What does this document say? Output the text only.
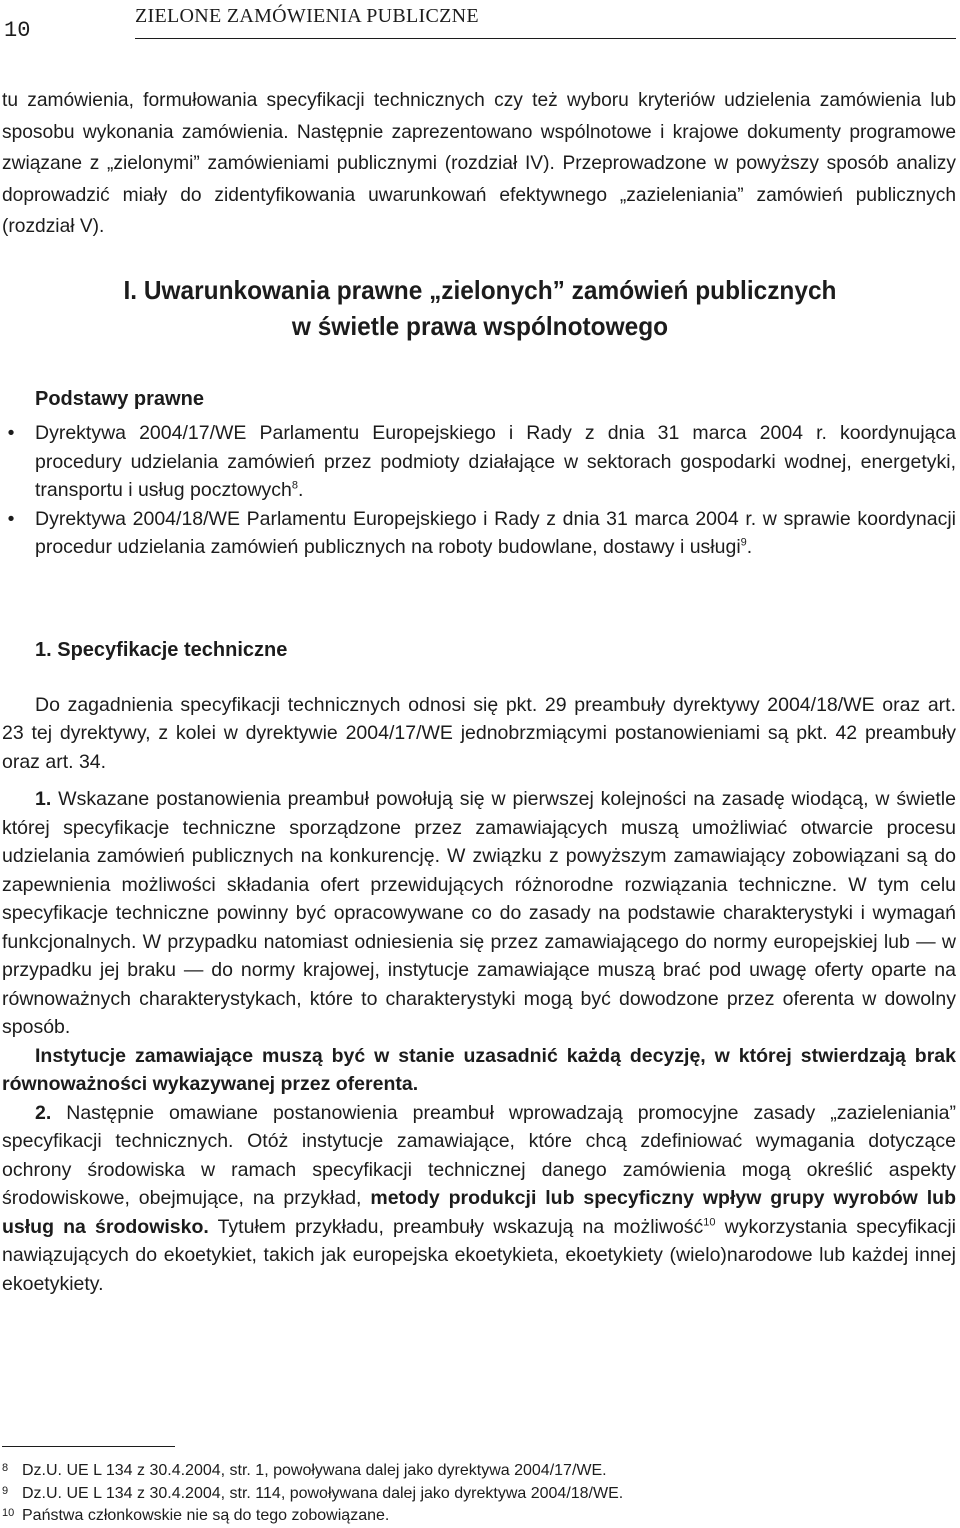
10
ZIELONE ZAMÓWIENIA PUBLICZNE

tu zamówienia, formułowania specyfikacji technicznych czy też wyboru kryteriów udzielenia zamówienia lub sposobu wykonania zamówienia. Następnie zaprezentowano wspólnotowe i krajowe dokumenty programowe związane z „zielonymi” zamówieniami publicznymi (rozdział IV). Przeprowadzone w powyższy sposób analizy doprowadzić miały do zidentyfikowania uwarunkowań efektywnego „zazieleniania” zamówień publicznych (rozdział V).

I. Uwarunkowania prawne „zielonych” zamówień publicznych
w świetle prawa wspólnotowego
Podstawy prawne
• Dyrektywa 2004/17/WE Parlamentu Europejskiego i Rady z dnia 31 marca 2004 r. koordynująca procedury udzielania zamówień przez podmioty działające w sektorach gospodarki wodnej, energetyki, transportu i usług pocztowych$^8$.
• Dyrektywa 2004/18/WE Parlamentu Europejskiego i Rady z dnia 31 marca 2004 r. w sprawie koordynacji procedur udzielania zamówień publicznych na roboty budowlane, dostawy i usługi$^9$.
1. Specyfikacje techniczne

Do zagadnienia specyfikacji technicznych odnosi się pkt. 29 preambuły dyrektywy 2004/18/WE oraz art. 23 tej dyrektywy, z kolei w dyrektywie 2004/17/WE jednobrzmiącymi postanowieniami są pkt. 42 preambuły oraz art. 34.

1. Wskazane postanowienia preambuł powołują się w pierwszej kolejności na zasadę wiodącą, w świetle której specyfikacje techniczne sporządzone przez zamawiających muszą umożliwiać otwarcie procesu udzielania zamówień publicznych na konkurencję. W związku z powyższym zamawiający zobowiązani są do zapewnienia możliwości składania ofert przewidujących różnorodne rozwiązania techniczne. W tym celu specyfikacje techniczne powinny być opracowywane co do zasady na podstawie charakterystyki i wymagań funkcjonalnych. W przypadku natomiast odniesienia się przez zamawiającego do normy europejskiej lub — w przypadku jej braku — do normy krajowej, instytucje zamawiające muszą brać pod uwagę oferty oparte na równoważnych charakterystykach, które to charakterystyki mogą być dowodzone przez oferenta w dowolny sposób.

Instytucje zamawiające muszą być w stanie uzasadnić każdą decyzję, w której stwierdzają brak równoważności wykazywanej przez oferenta.

2. Następnie omawiane postanowienia preambuł wprowadzają promocyjne zasady „zazieleniania” specyfikacji technicznych. Otóż instytucje zamawiające, które chcą zdefiniować wymagania dotyczące ochrony środowiska w ramach specyfikacji technicznej danego zamówienia mogą określić aspekty środowiskowe, obejmujące, na przykład, metody produkcji lub specyficzny wpływ grupy wyrobów lub usług na środowisko. Tytułem przykładu, preambuły wskazują na możliwość$^{10}$ wykorzystania specyfikacji nawiązujących do ekoetykiet, takich jak europejska ekoetykieta, ekoetykiety (wielo)narodowe lub każdej innej ekoetykiety.

8 Dz.U. UE L 134 z 30.4.2004, str. 1, powoływana dalej jako dyrektywa 2004/17/WE.
9 Dz.U. UE L 134 z 30.4.2004, str. 114, powoływana dalej jako dyrektywa 2004/18/WE.
10 Państwa członkowskie nie są do tego zobowiązane.
